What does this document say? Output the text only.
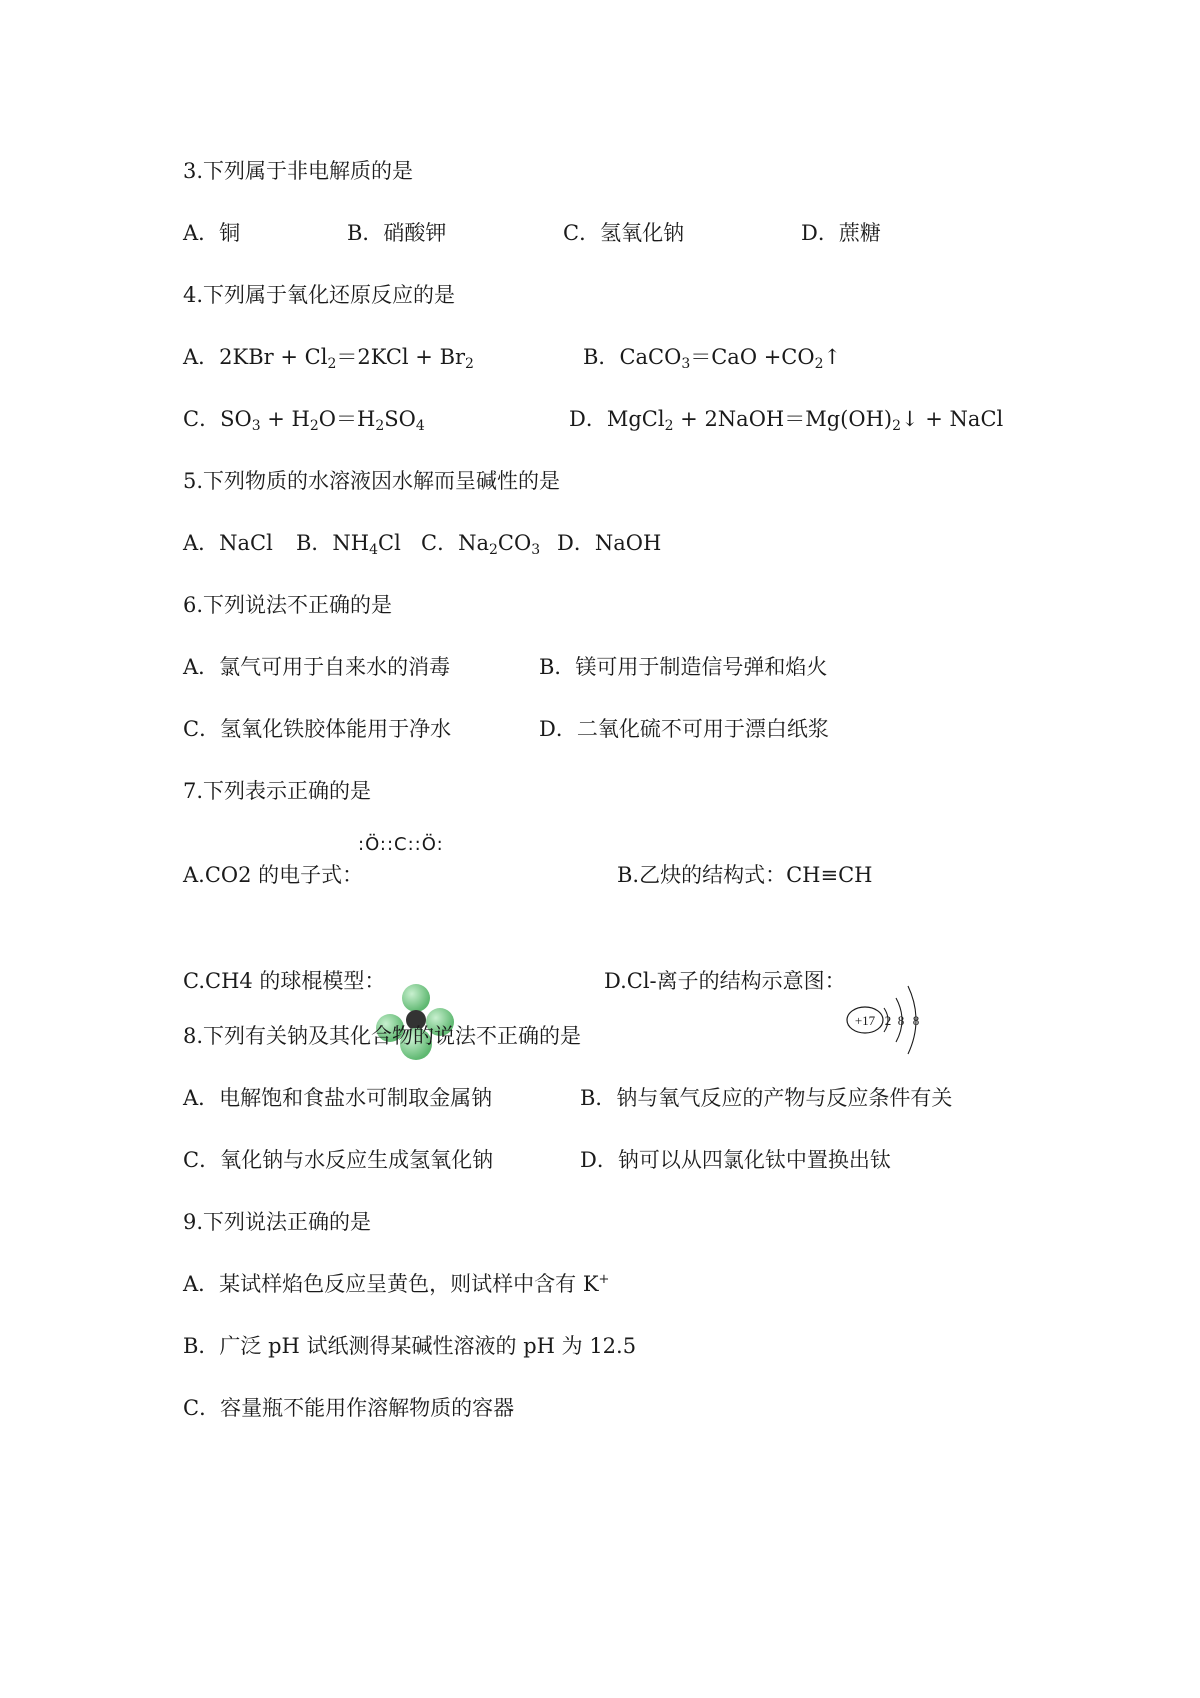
3.下列属于非电解质的是
A．铜	B．硝酸钾	C．氢氧化钠	D．蔗糖
4.下列属于氧化还原反应的是
A．$2KBr + Cl_2=2KCl + Br_2$	B．CaCO$_3$＝CaO $+CO_2↑$
C．$SO_3 + H_2O=H_2SO_4$	D．MgCl$_2$ + $2NaOH=Mg(OH)_2↓$ + NaCl
5.下列物质的水溶液因水解而呈碱性的是
A．NaCl B．$NH_4Cl$ C．$Na_2CO_3$ D．NaOH
6.下列说法不正确的是
A．氯气可用于自来水的消毒	B．镁可用于制造信号弹和焰火
C．氢氧化铁胶体能用于净水	D．二氧化硫不可用于漂白纸浆
7.下列表示正确的是
A.CO2 的电子式：
:Ö::C::Ö:
B.乙炔的结构式：CH≡CH
C.CH4 的球棍模型：	D.Cl-离子的结构示意图：
+17 2 8 8
8.下列有关钠及其化合物的说法不正确的是
A．电解饱和食盐水可制取金属钠	B．钠与氧气反应的产物与反应条件有关
C．氧化钠与水反应生成氢氧化钠	D．钠可以从四氯化钛中置换出钛
9.下列说法正确的是
A．某试样焰色反应呈黄色，则试样中含有 K+
B．广泛 pH 试纸测得某碱性溶液的 pH 为 12.5
C．容量瓶不能用作溶解物质的容器
